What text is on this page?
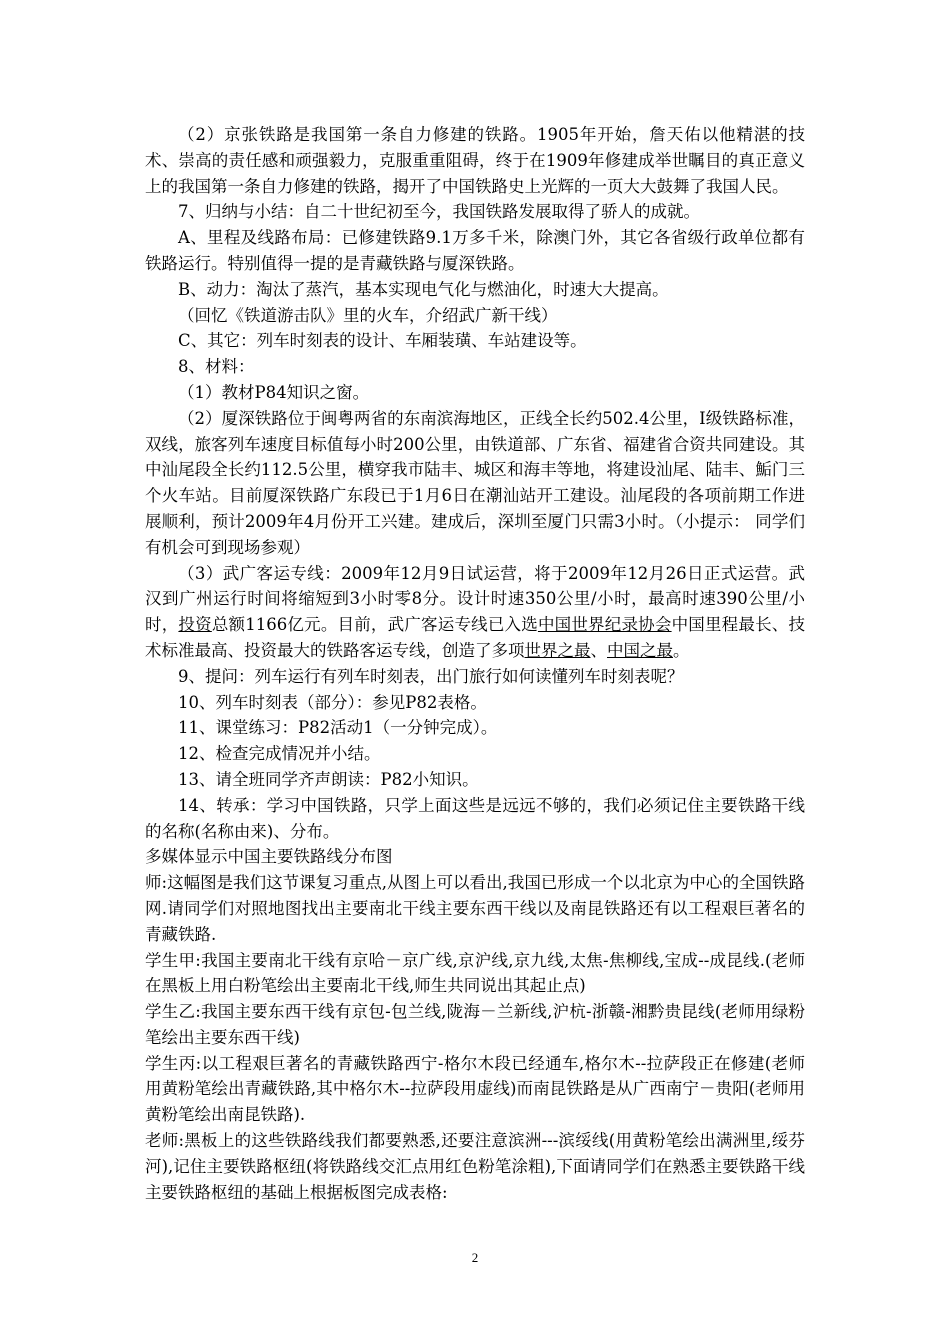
（2）京张铁路是我国第一条自力修建的铁路。1905年开始，詹天佑以他精湛的技术、崇高的责任感和顽强毅力，克服重重阻碍，终于在1909年修建成举世瞩目的真正意义上的我国第一条自力修建的铁路，揭开了中国铁路史上光辉的一页大大鼓舞了我国人民。

7、归纳与小结：自二十世纪初至今，我国铁路发展取得了骄人的成就。

A、里程及线路布局：已修建铁路9.1万多千米，除澳门外，其它各省级行政单位都有铁路运行。特别值得一提的是青藏铁路与厦深铁路。

B、动力：淘汰了蒸汽，基本实现电气化与燃油化，时速大大提高。

（回忆《铁道游击队》里的火车，介绍武广新干线）

C、其它：列车时刻表的设计、车厢装璜、车站建设等。

8、材料：

（1）教材P84知识之窗。

（2）厦深铁路位于闽粤两省的东南滨海地区，正线全长约502.4公里，Ⅰ级铁路标准，双线，旅客列车速度目标值每小时200公里，由铁道部、广东省、福建省合资共同建设。其中汕尾段全长约112.5公里，横穿我市陆丰、城区和海丰等地，将建设汕尾、陆丰、鮜门三个火车站。目前厦深铁路广东段已于1月6日在潮汕站开工建设。汕尾段的各项前期工作进展顺利，预计2009年4月份开工兴建。建成后，深圳至厦门只需3小时。（小提示： 同学们有机会可到现场参观）

（3）武广客运专线：2009年12月9日试运营，将于2009年12月26日正式运营。武汉到广州运行时间将缩短到3小时零8分。设计时速350公里/小时，最高时速390公里/小时，投资总额1166亿元。目前，武广客运专线已入选中国世界纪录协会中国里程最长、技术标准最高、投资最大的铁路客运专线，创造了多项世界之最、中国之最。

9、提问：列车运行有列车时刻表，出门旅行如何读懂列车时刻表呢？

10、列车时刻表（部分）：参见P82表格。

11、课堂练习：P82活动1（一分钟完成）。

12、检查完成情况并小结。

13、请全班同学齐声朗读：P82小知识。

14、转承：学习中国铁路，只学上面这些是远远不够的，我们必须记住主要铁路干线的名称(名称由来)、分布。

多媒体显示中国主要铁路线分布图

师:这幅图是我们这节课复习重点,从图上可以看出,我国已形成一个以北京为中心的全国铁路网.请同学们对照地图找出主要南北干线主要东西干线以及南昆铁路还有以工程艰巨著名的青藏铁路.

学生甲:我国主要南北干线有京哈－京广线,京沪线,京九线,太焦-焦柳线,宝成--成昆线.(老师在黑板上用白粉笔绘出主要南北干线,师生共同说出其起止点)

学生乙:我国主要东西干线有京包-包兰线,陇海－兰新线,沪杭-浙赣-湘黔贵昆线(老师用绿粉笔绘出主要东西干线)

学生丙:以工程艰巨著名的青藏铁路西宁-格尔木段已经通车,格尔木--拉萨段正在修建(老师用黄粉笔绘出青藏铁路,其中格尔木--拉萨段用虚线)而南昆铁路是从广西南宁－贵阳(老师用黄粉笔绘出南昆铁路).

老师:黑板上的这些铁路线我们都要熟悉,还要注意滨洲---滨绥线(用黄粉笔绘出满洲里,绥芬河),记住主要铁路枢纽(将铁路线交汇点用红色粉笔涂粗),下面请同学们在熟悉主要铁路干线主要铁路枢纽的基础上根据板图完成表格:

2
